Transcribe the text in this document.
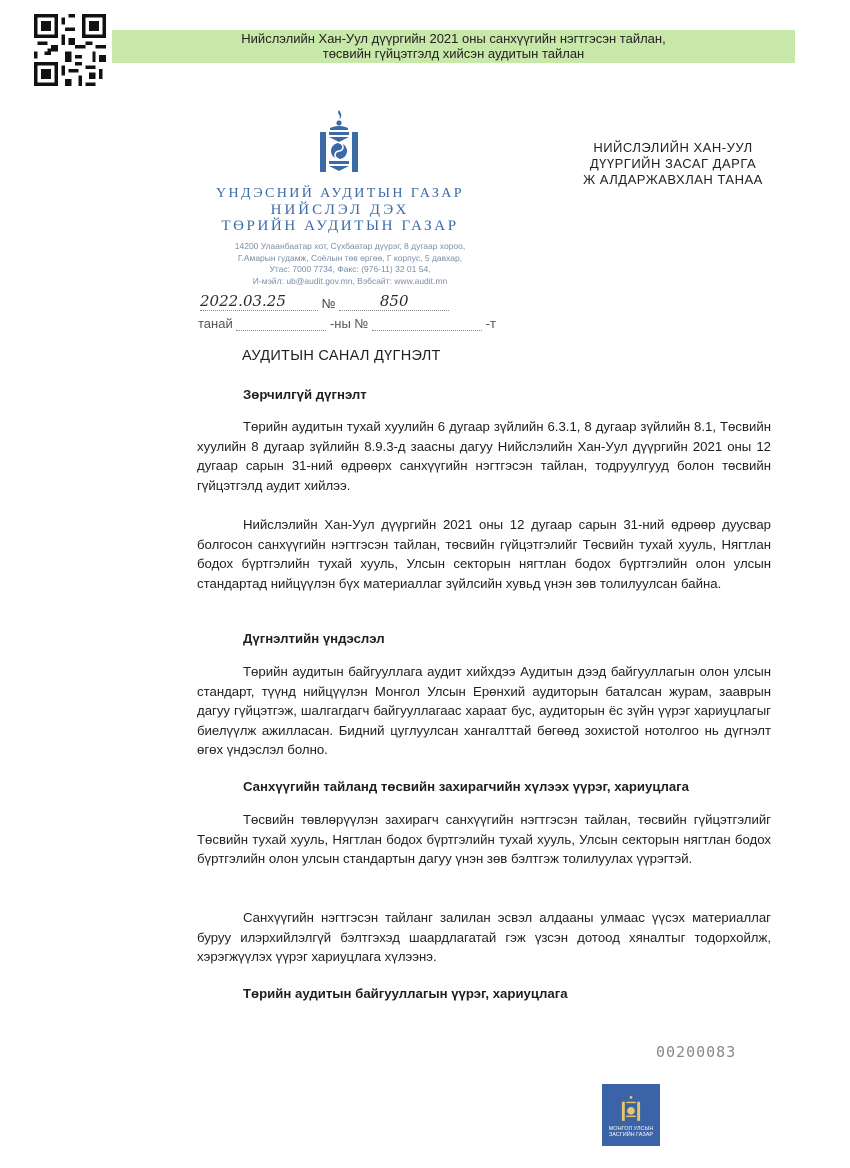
Нийслэлийн Хан-Уул дүүргийн 2021 оны санхүүгийн нэгтгэсэн тайлан,
төсвийн гүйцэтгэлд хийсэн аудитын тайлан
ҮНДЭСНИЙ АУДИТЫН ГАЗАР
НИЙСЛЭЛ ДЭХ
ТӨРИЙН АУДИТЫН ГАЗАР
14200 Улаанбаатар хот, Сүхбаатар дүүрэг, 8 дугаар хороо,
Г.Амарын гудамж, Соёлын төв өргөө, Г корпус, 5 давхар,
Утас: 7000 7734, Факс: (976-11) 32 01 54,
И-мэйл: ub@audit.gov.mn, Вэбсайт: www.audit.mn
2022.03.25	№	850
танай	-ны №	-т
НИЙСЛЭЛИЙН ХАН-УУЛ
ДҮҮРГИЙН ЗАСАГ ДАРГА
Ж АЛДАРЖАВХЛАН ТАНАА
АУДИТЫН САНАЛ ДҮГНЭЛТ
Зөрчилгүй дүгнэлт
Төрийн аудитын тухай хуулийн 6 дугаар зүйлийн 6.3.1, 8 дугаар зүйлийн 8.1, Төсвийн хуулийн 8 дугаар зүйлийн 8.9.3-д заасны дагуу Нийслэлийн Хан-Уул дүүргийн 2021 оны 12 дугаар сарын 31-ний өдрөөрх санхүүгийн нэгтгэсэн тайлан, тодруулгууд болон төсвийн гүйцэтгэлд аудит хийлээ.
Нийслэлийн Хан-Уул дүүргийн 2021 оны 12 дугаар сарын 31-ний өдрөөр дуусвар болгосон санхүүгийн нэгтгэсэн тайлан, төсвийн гүйцэтгэлийг Төсвийн тухай хууль, Нягтлан бодох бүртгэлийн тухай хууль, Улсын секторын нягтлан бодох бүртгэлийн олон улсын стандартад нийцүүлэн бүх материаллаг зүйлсийн хувьд үнэн зөв толилуулсан байна.
Дүгнэлтийн үндэслэл
Төрийн аудитын байгууллага аудит хийхдээ Аудитын дээд байгууллагын олон улсын стандарт, түүнд нийцүүлэн Монгол Улсын Ерөнхий аудиторын баталсан журам, зааврын дагуу гүйцэтгэж, шалгагдагч байгууллагаас хараат бус, аудиторын ёс зүйн үүрэг хариуцлагыг биелүүлж ажилласан. Бидний цуглуулсан хангалттай бөгөөд зохистой нотолгоо нь дүгнэлт өгөх үндэслэл болно.
Санхүүгийн тайланд төсвийн захирагчийн хүлээх үүрэг, хариуцлага
Төсвийн төвлөрүүлэн захирагч санхүүгийн нэгтгэсэн тайлан, төсвийн гүйцэтгэлийг Төсвийн тухай хууль, Нягтлан бодох бүртгэлийн тухай хууль, Улсын секторын нягтлан бодох бүртгэлийн олон улсын стандартын дагуу үнэн зөв бэлтгэж толилуулах үүрэгтэй.
Санхүүгийн нэгтгэсэн тайланг залилан эсвэл алдааны улмаас үүсэх материаллаг буруу илэрхийлэлгүй бэлтгэхэд шаардлагатай гэж үзсэн дотоод хяналтыг тодорхойлж, хэрэгжүүлэх үүрэг хариуцлага хүлээнэ.
Төрийн аудитын байгууллагын үүрэг, хариуцлага
00200083
МОНГОЛ УЛСЫН
ЗАСГИЙН ГАЗАР
